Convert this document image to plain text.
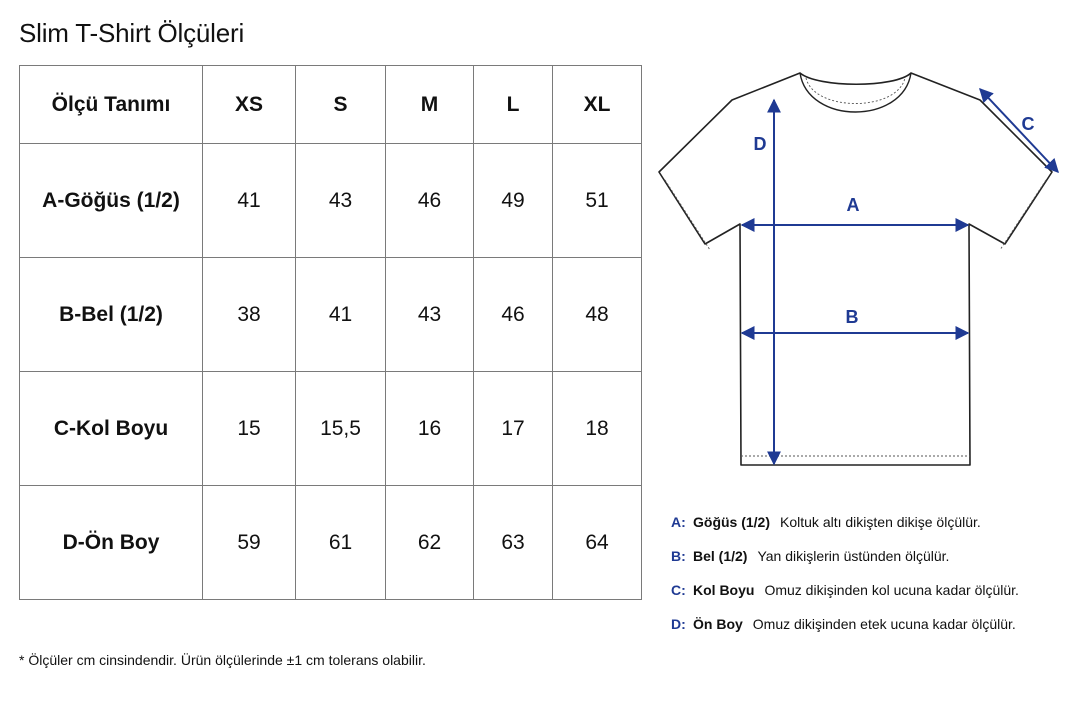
Slim T-Shirt Ölçüleri
Ölçü Tanımı	XS	S	M	L	XL
A-Göğüs (1/2)	41	43	46	49	51
B-Bel (1/2)	38	41	43	46	48
C-Kol Boyu	15	15,5	16	17	18
D-Ön Boy	59	61	62	63	64
* Ölçüler cm cinsindendir. Ürün ölçülerinde ±1 cm tolerans olabilir.
D
A
B
C
A: Göğüs (1/2) Koltuk altı dikişten dikişe ölçülür.
B: Bel (1/2) Yan dikişlerin üstünden ölçülür.
C: Kol Boyu Omuz dikişinden kol ucuna kadar ölçülür.
D: Ön Boy Omuz dikişinden etek ucuna kadar ölçülür.
